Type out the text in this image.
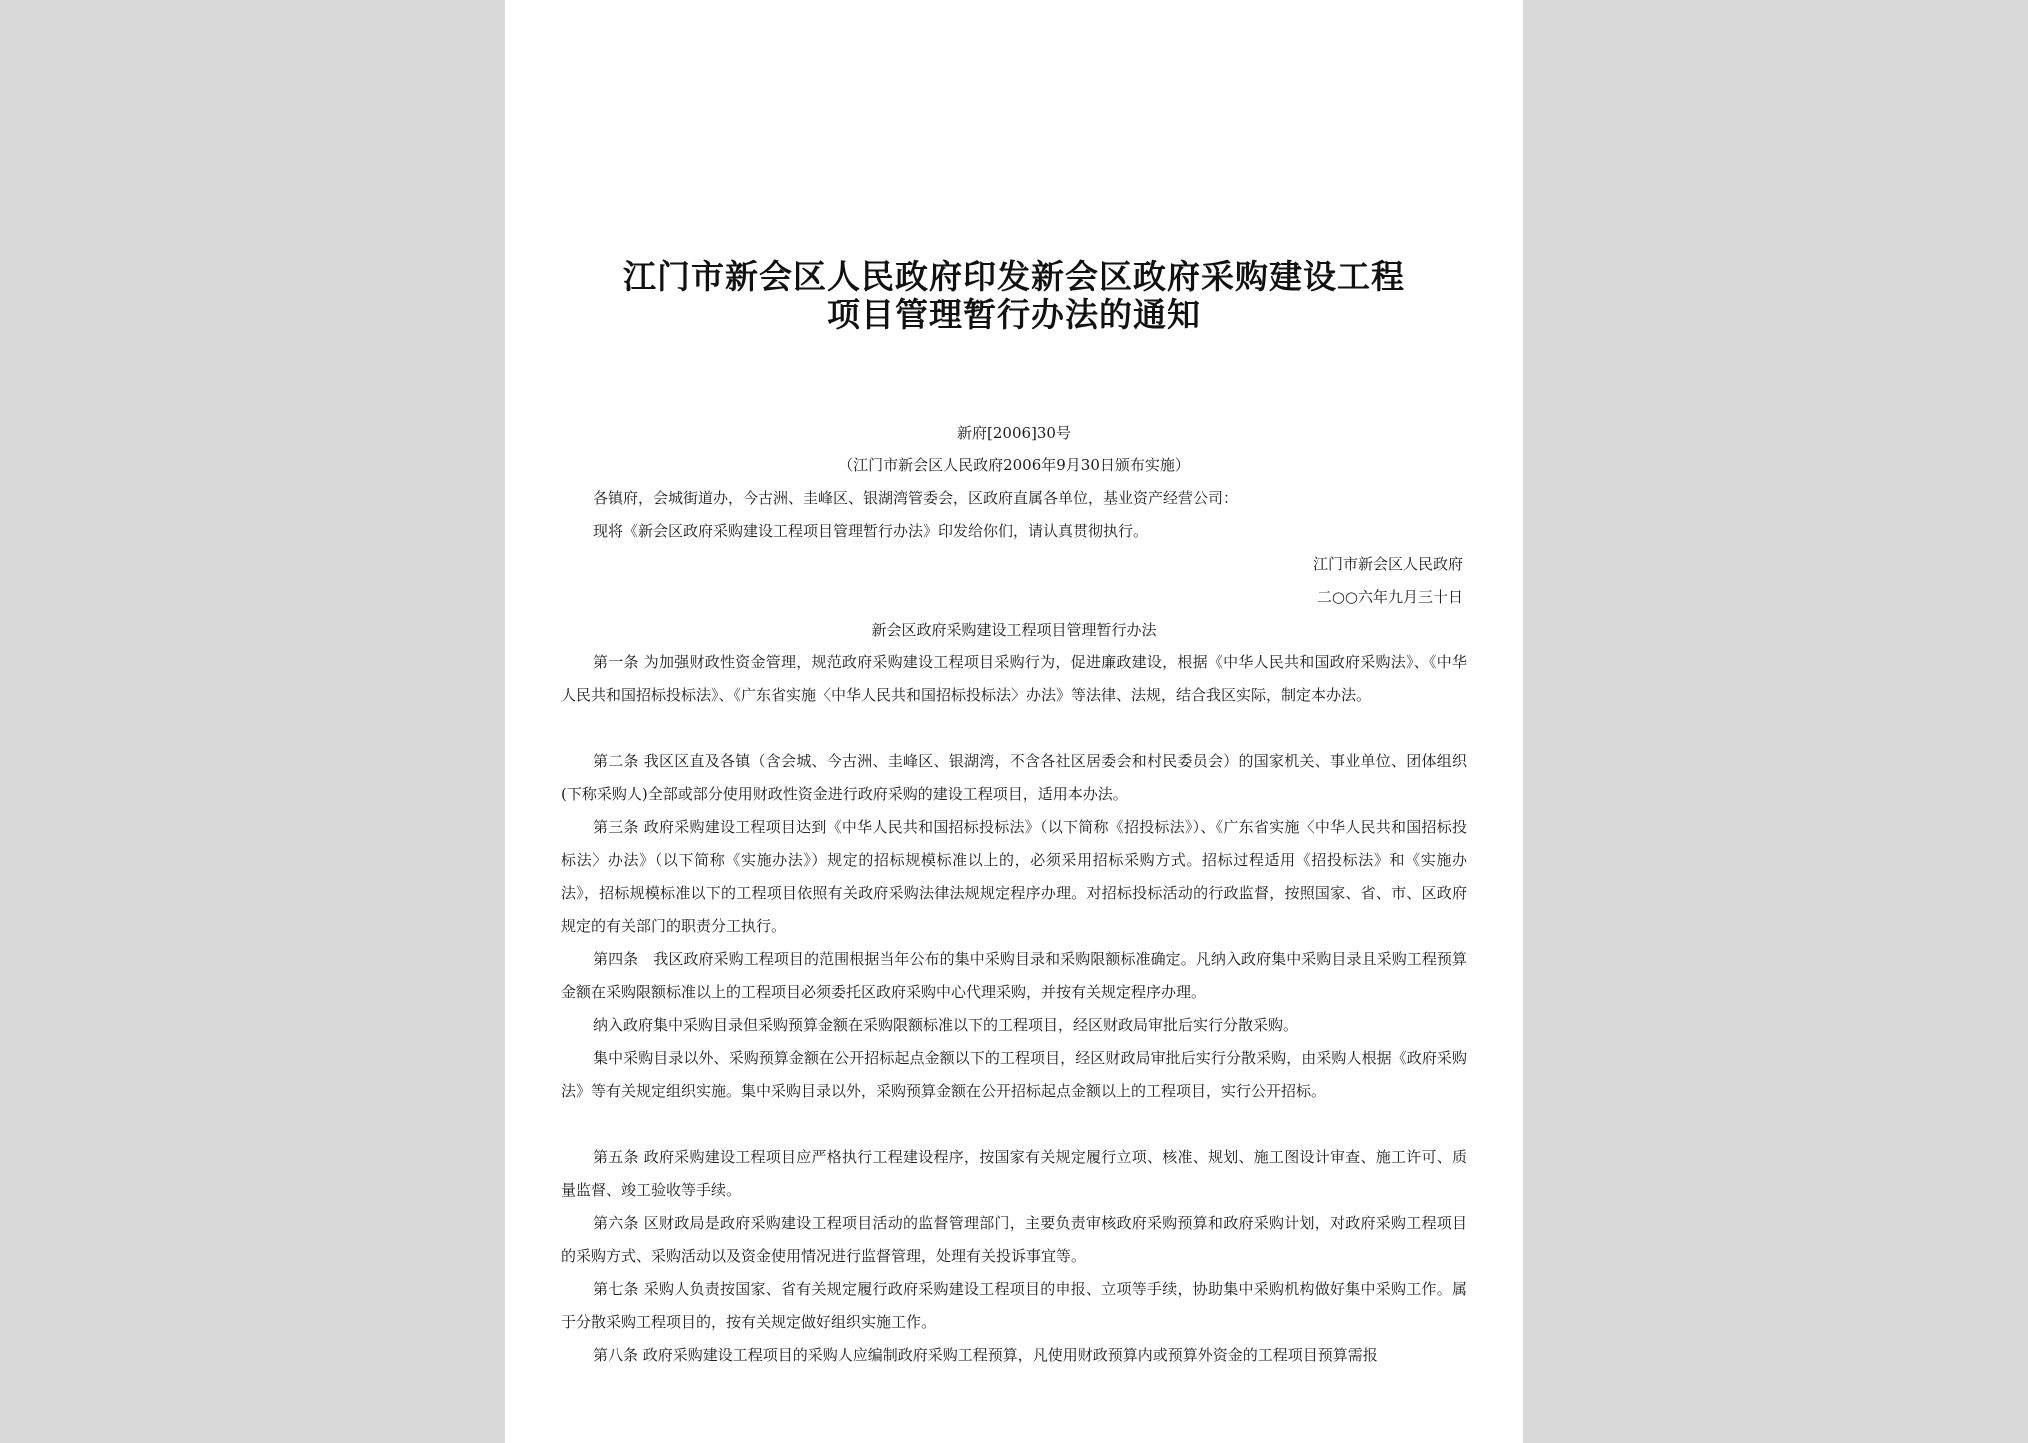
江门市新会区人民政府印发新会区政府采购建设工程
项目管理暂行办法的通知
新府[2006]30号
（江门市新会区人民政府2006年9月30日颁布实施）
各镇府，会城街道办，今古洲、圭峰区、银湖湾管委会，区政府直属各单位，基业资产经营公司：
现将《新会区政府采购建设工程项目管理暂行办法》印发给你们，请认真贯彻执行。
江门市新会区人民政府
二○○六年九月三十日
新会区政府采购建设工程项目管理暂行办法
第一条 为加强财政性资金管理，规范政府采购建设工程项目采购行为，促进廉政建设，根据《中华人民共和国政府采购法》、《中华人民共和国招标投标法》、《广东省实施〈中华人民共和国招标投标法〉办法》等法律、法规，结合我区实际，制定本办法。
第二条 我区区直及各镇（含会城、今古洲、圭峰区、银湖湾，不含各社区居委会和村民委员会）的国家机关、事业单位、团体组织(下称采购人)全部或部分使用财政性资金进行政府采购的建设工程项目，适用本办法。
第三条 政府采购建设工程项目达到《中华人民共和国招标投标法》（以下简称《招投标法》）、《广东省实施〈中华人民共和国招标投标法〉办法》（以下简称《实施办法》）规定的招标规模标准以上的，必须采用招标采购方式。招标过程适用《招投标法》和《实施办法》，招标规模标准以下的工程项目依照有关政府采购法律法规规定程序办理。对招标投标活动的行政监督，按照国家、省、市、区政府规定的有关部门的职责分工执行。
第四条　我区政府采购工程项目的范围根据当年公布的集中采购目录和采购限额标准确定。凡纳入政府集中采购目录且采购工程预算金额在采购限额标准以上的工程项目必须委托区政府采购中心代理采购，并按有关规定程序办理。
纳入政府集中采购目录但采购预算金额在采购限额标准以下的工程项目，经区财政局审批后实行分散采购。
集中采购目录以外、采购预算金额在公开招标起点金额以下的工程项目，经区财政局审批后实行分散采购，由采购人根据《政府采购法》等有关规定组织实施。集中采购目录以外，采购预算金额在公开招标起点金额以上的工程项目，实行公开招标。
第五条 政府采购建设工程项目应严格执行工程建设程序，按国家有关规定履行立项、核准、规划、施工图设计审查、施工许可、质量监督、竣工验收等手续。
第六条 区财政局是政府采购建设工程项目活动的监督管理部门，主要负责审核政府采购预算和政府采购计划，对政府采购工程项目的采购方式、采购活动以及资金使用情况进行监督管理，处理有关投诉事宜等。
第七条 采购人负责按国家、省有关规定履行政府采购建设工程项目的申报、立项等手续，协助集中采购机构做好集中采购工作。属于分散采购工程项目的，按有关规定做好组织实施工作。
第八条 政府采购建设工程项目的采购人应编制政府采购工程预算，凡使用财政预算内或预算外资金的工程项目预算需报
